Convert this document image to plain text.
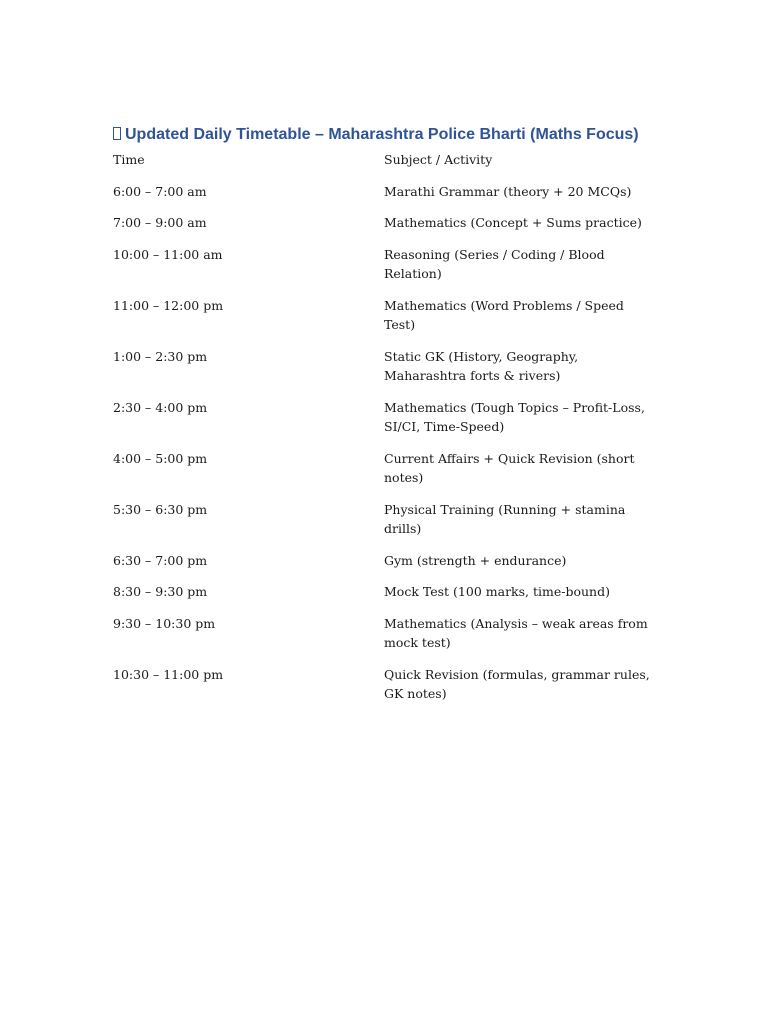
Updated Daily Timetable – Maharashtra Police Bharti (Maths Focus)
Time	Subject / Activity
6:00 – 7:00 am	Marathi Grammar (theory + 20 MCQs)
7:00 – 9:00 am	Mathematics (Concept + Sums practice)
10:00 – 11:00 am	Reasoning (Series / Coding / Blood Relation)
11:00 – 12:00 pm	Mathematics (Word Problems / Speed Test)
1:00 – 2:30 pm	Static GK (History, Geography, Maharashtra forts & rivers)
2:30 – 4:00 pm	Mathematics (Tough Topics – Profit-Loss, SI/CI, Time-Speed)
4:00 – 5:00 pm	Current Affairs + Quick Revision (short notes)
5:30 – 6:30 pm	Physical Training (Running + stamina drills)
6:30 – 7:00 pm	Gym (strength + endurance)
8:30 – 9:30 pm	Mock Test (100 marks, time-bound)
9:30 – 10:30 pm	Mathematics (Analysis – weak areas from mock test)
10:30 – 11:00 pm	Quick Revision (formulas, grammar rules, GK notes)
